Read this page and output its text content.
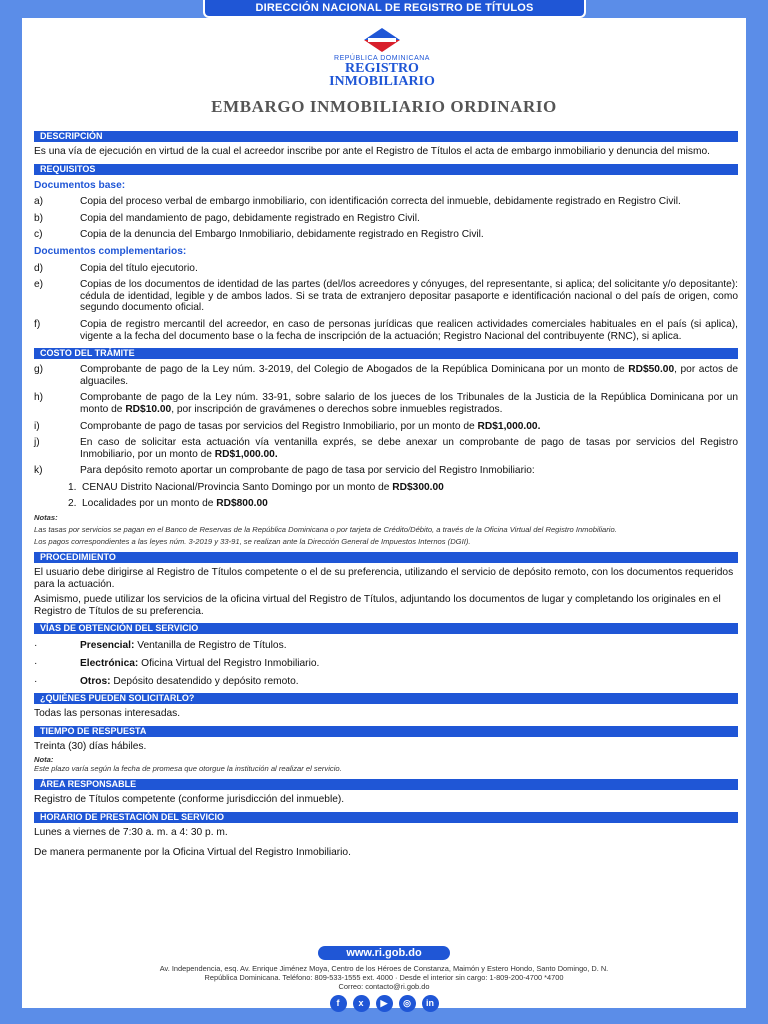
DIRECCIÓN NACIONAL DE REGISTRO DE TÍTULOS
REPÚBLICA DOMINICANA
REGISTRO
INMOBILIARIO
EMBARGO INMOBILIARIO ORDINARIO
DESCRIPCIÓN
Es una vía de ejecución en virtud de la cual el acreedor inscribe por ante el Registro de Títulos el acta de embargo inmobiliario y denuncia del mismo.
REQUISITOS
Documentos base:
a)	Copia del proceso verbal de embargo inmobiliario, con identificación correcta del inmueble, debidamente registrado en Registro Civil.
b)	Copia del mandamiento de pago, debidamente registrado en Registro Civil.
c)	Copia de la denuncia del Embargo Inmobiliario, debidamente registrado en Registro Civil.
Documentos complementarios:
d)	Copia del título ejecutorio.
e)	Copias de los documentos de identidad de las partes (del/los acreedores y cónyuges, del representante, si aplica; del solicitante y/o depositante): cédula de identidad, legible y de ambos lados. Si se trata de extranjero depositar pasaporte e identificación nacional o del país de origen, como segundo documento oficial.
f)	Copia de registro mercantil del acreedor, en caso de personas jurídicas que realicen actividades comerciales habituales en el país (si aplica), vigente a la fecha del documento base o la fecha de inscripción de la actuación; Registro Nacional del contribuyente (RNC), si aplica.
COSTO DEL TRÁMITE
g)	Comprobante de pago de la Ley núm. 3-2019, del Colegio de Abogados de la República Dominicana por un monto de RD$50.00, por actos de alguaciles.
h)	Comprobante de pago de la Ley núm. 33-91, sobre salario de los jueces de los Tribunales de la Justicia de la República Dominicana por un monto de RD$10.00, por inscripción de gravámenes o derechos sobre inmuebles registrados.
i)	Comprobante de pago de tasas por servicios del Registro Inmobiliario, por un monto de RD$1,000.00.
j)	En caso de solicitar esta actuación vía ventanilla exprés, se debe anexar un comprobante de pago de tasas por servicios del Registro Inmobiliario, por un monto de RD$1,000.00.
k)	Para depósito remoto aportar un comprobante de pago de tasa por servicio del Registro Inmobiliario:
1. CENAU Distrito Nacional/Provincia Santo Domingo por un monto de RD$300.00
2. Localidades por un monto de RD$800.00
Notas:
Las tasas por servicios se pagan en el Banco de Reservas de la República Dominicana o por tarjeta de Crédito/Débito, a través de la Oficina Virtual del Registro Inmobiliario.
Los pagos correspondientes a las leyes núm. 3-2019 y 33-91, se realizan ante la Dirección General de Impuestos Internos (DGII).
PROCEDIMIENTO
El usuario debe dirigirse al Registro de Títulos competente o el de su preferencia, utilizando el servicio de depósito remoto, con los documentos requeridos para la actuación.
Asimismo, puede utilizar los servicios de la oficina virtual del Registro de Títulos, adjuntando los documentos de lugar y completando los originales en el Registro de Títulos de su preferencia.
VÍAS DE OBTENCIÓN DEL SERVICIO
·	Presencial: Ventanilla de Registro de Títulos.
·	Electrónica: Oficina Virtual del Registro Inmobiliario.
·	Otros: Depósito desatendido y depósito remoto.
¿QUIÉNES PUEDEN SOLICITARLO?
Todas las personas interesadas.
TIEMPO DE RESPUESTA
Treinta (30) días hábiles.
Nota:
Este plazo varía según la fecha de promesa que otorgue la institución al realizar el servicio.
ÁREA RESPONSABLE
Registro de Títulos competente (conforme jurisdicción del inmueble).
HORARIO DE PRESTACIÓN DEL SERVICIO
Lunes a viernes de 7:30 a. m. a 4: 30 p. m.
De manera permanente por la Oficina Virtual del Registro Inmobiliario.
www.ri.gob.do
Av. Independencia, esq. Av. Enrique Jiménez Moya, Centro de los Héroes de Constanza, Maimón y Estero Hondo, Santo Domingo, D. N.
República Dominicana. Teléfono: 809-533-1555 ext. 4000 · Desde el interior sin cargo: 1-809-200-4700 *4700
Correo: contacto@ri.gob.do
f	x	▶	◎	in
